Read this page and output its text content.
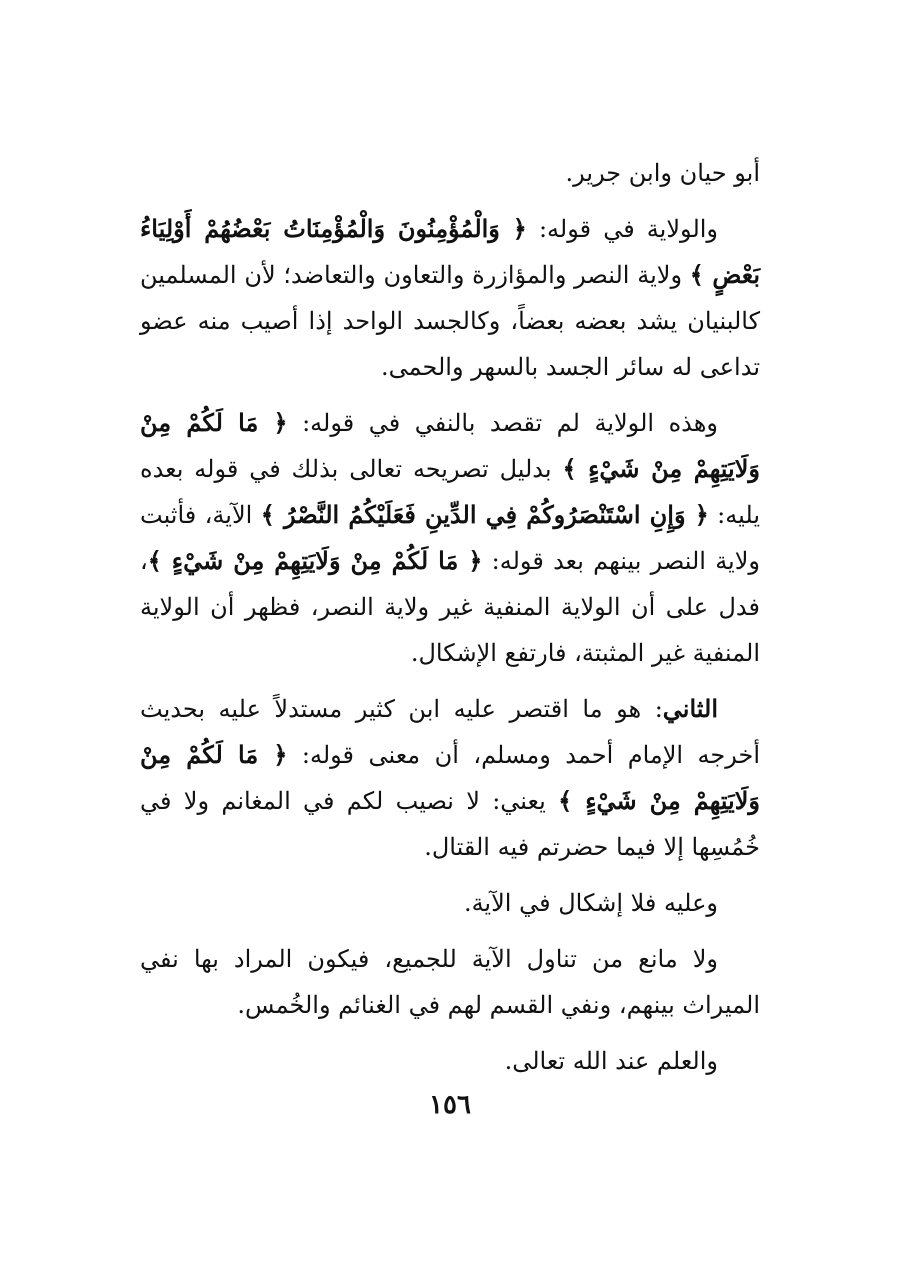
أبو حيان وابن جرير.

والولاية في قوله: ﴿ وَالْمُؤْمِنُونَ وَالْمُؤْمِنَاتُ بَعْضُهُمْ أَوْلِيَاءُ بَعْضٍ ﴾ ولاية النصر والمؤازرة والتعاون والتعاضد؛ لأن المسلمين كالبنيان يشد بعضه بعضاً، وكالجسد الواحد إذا أصيب منه عضو تداعى له سائر الجسد بالسهر والحمى.

وهذه الولاية لم تقصد بالنفي في قوله: ﴿ مَا لَكُمْ مِنْ وَلَايَتِهِمْ مِنْ شَيْءٍ ﴾ بدليل تصريحه تعالى بذلك في قوله بعده يليه: ﴿ وَإِنِ اسْتَنْصَرُوكُمْ فِي الدِّينِ فَعَلَيْكُمُ النَّصْرُ ﴾ الآية، فأثبت ولاية النصر بينهم بعد قوله: ﴿ مَا لَكُمْ مِنْ وَلَايَتِهِمْ مِنْ شَيْءٍ ﴾، فدل على أن الولاية المنفية غير ولاية النصر، فظهر أن الولاية المنفية غير المثبتة، فارتفع الإشكال.

الثاني: هو ما اقتصر عليه ابن كثير مستدلاً عليه بحديث أخرجه الإمام أحمد ومسلم، أن معنى قوله: ﴿ مَا لَكُمْ مِنْ وَلَايَتِهِمْ مِنْ شَيْءٍ ﴾ يعني: لا نصيب لكم في المغانم ولا في خُمُسِها إلا فيما حضرتم فيه القتال.

وعليه فلا إشكال في الآية.

ولا مانع من تناول الآية للجميع، فيكون المراد بها نفي الميراث بينهم، ونفي القسم لهم في الغنائم والخُمس.

والعلم عند الله تعالى.

١٥٦
